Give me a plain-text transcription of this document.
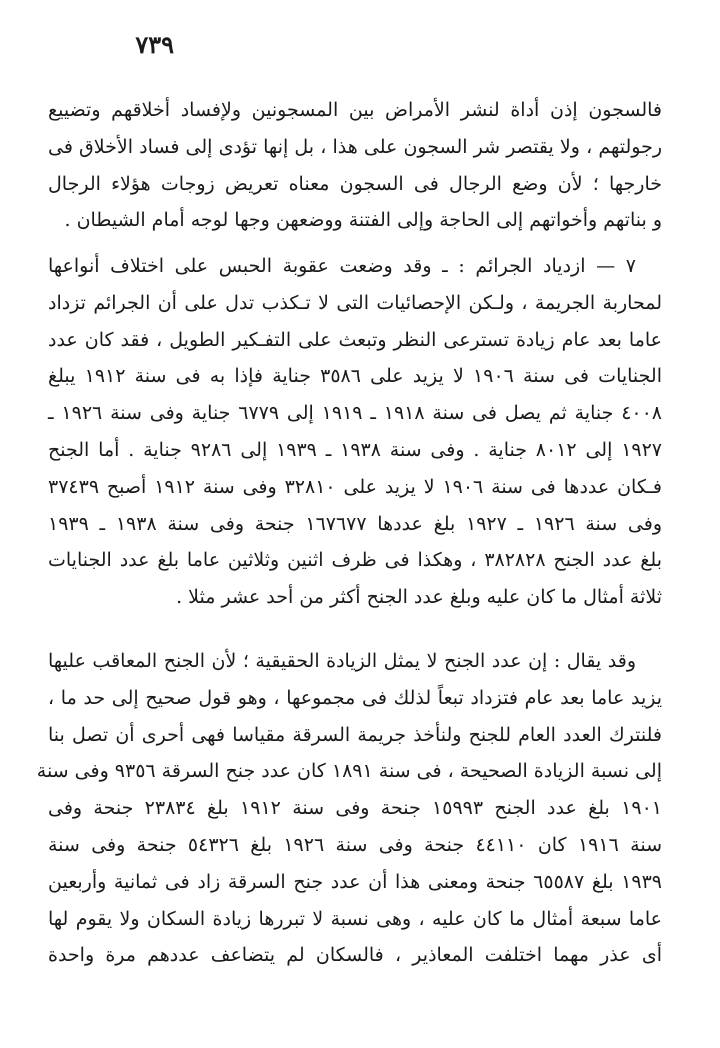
٧٣٩
فالسجون إذن أداة لنشر الأمراض بين المسجونين ولإفساد أخلاقهم وتضييع
رجولتهم ، ولا يقتصر شر السجون على هذا ، بل إنها تؤدى إلى فساد الأخلاق فى
خارجها ؛ لأن وضع الرجال فى السجون معناه تعريض زوجات هؤلاء الرجال
و بناتهم وأخواتهم إلى الحاجة وإلى الفتنة ووضعهن وجها لوجه أمام الشيطان .
٧ — ازدياد الجرائم : ـ وقد وضعت عقوبة الحبس على اختلاف أنواعها
لمحاربة الجريمة ، ولـكن الإحصائيات التى لا تـكذب تدل على أن الجرائم تزداد
عاما بعد عام زيادة تسترعى النظر وتبعث على التفـكير الطويل ، فقد كان عدد
الجنايات فى سنة ١٩٠٦ لا يزيد على ٣٥٨٦ جناية فإذا به فى سنة ١٩١٢ يبلغ
٤٠٠٨ جناية ثم يصل فى سنة ١٩١٨ ـ ١٩١٩ إلى ٦٧٧٩ جناية وفى سنة ١٩٢٦ ـ
١٩٢٧ إلى ٨٠١٢ جناية . وفى سنة ١٩٣٨ ـ ١٩٣٩ إلى ٩٢٨٦ جناية . أما الجنح
فـكان عددها فى سنة ١٩٠٦ لا يزيد على ٣٢٨١٠ وفى سنة ١٩١٢ أصبح ٣٧٤٣٩
وفى سنة ١٩٢٦ ـ ١٩٢٧ بلغ عددها ١٦٧٦٧٧ جنحة وفى سنة ١٩٣٨ ـ ١٩٣٩
بلغ عدد الجنح ٣٨٢٨٢٨ ، وهكذا فى ظرف اثنين وثلاثين عاما بلغ عدد الجنايات
ثلاثة أمثال ما كان عليه وبلغ عدد الجنح أكثر من أحد عشر مثلا .
وقد يقال : إن عدد الجنح لا يمثل الزيادة الحقيقية ؛ لأن الجنح المعاقب عليها
يزيد عاما بعد عام فتزداد تبعاً لذلك فى مجموعها ، وهو قول صحيح إلى حد ما ،
فلنترك العدد العام للجنح ولنأخذ جريمة السرقة مقياسا فهى أحرى أن تصل بنا
إلى نسبة الزيادة الصحيحة ، فى سنة ١٨٩١ كان عدد جنح السرقة ٩٣٥٦ وفى سنة
١٩٠١ بلغ عدد الجنح ١٥٩٩٣ جنحة وفى سنة ١٩١٢ بلغ ٢٣٨٣٤ جنحة وفى
سنة ١٩١٦ كان ٤٤١١٠ جنحة وفى سنة ١٩٢٦ بلغ ٥٤٣٢٦ جنحة وفى سنة
١٩٣٩ بلغ ٦٥٥٨٧ جنحة ومعنى هذا أن عدد جنح السرقة زاد فى ثمانية وأربعين
عاما سبعة أمثال ما كان عليه ، وهى نسبة لا تبررها زيادة السكان ولا يقوم لها
أى عذر مهما اختلفت المعاذير ، فالسكان لم يتضاعف عددهم مرة واحدة
